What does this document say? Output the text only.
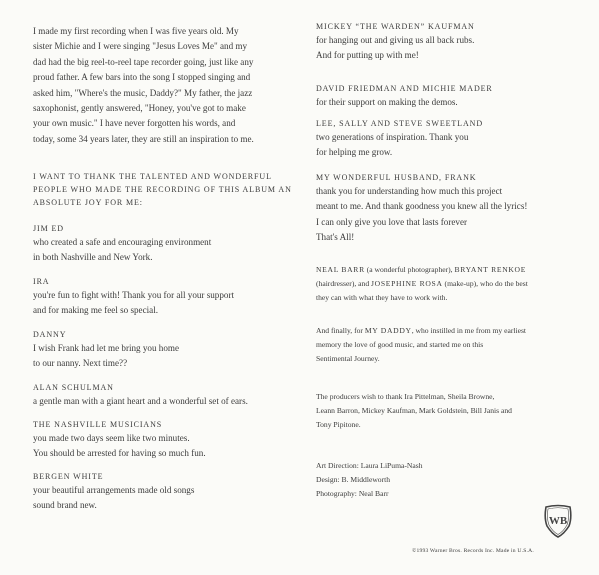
I made my first recording when I was five years old. My

sister Michie and I were singing "Jesus Loves Me" and my

dad had the big reel-to-reel tape recorder going, just like any

proud father. A few bars into the song I stopped singing and

asked him, "Where's the music, Daddy?" My father, the jazz

saxophonist, gently answered, "Honey, you've got to make

your own music." I have never forgotten his words, and

today, some 34 years later, they are still an inspiration to me.

I WANT TO THANK THE TALENTED AND WONDERFUL

PEOPLE WHO MADE THE RECORDING OF THIS ALBUM AN

ABSOLUTE JOY FOR ME:

JIM ED

who created a safe and encouraging environment

in both Nashville and New York.

IRA

you're fun to fight with! Thank you for all your support

and for making me feel so special.

DANNY

I wish Frank had let me bring you home

to our nanny. Next time??

ALAN SCHULMAN

a gentle man with a giant heart and a wonderful set of ears.

THE NASHVILLE MUSICIANS

you made two days seem like two minutes.

You should be arrested for having so much fun.

BERGEN WHITE

your beautiful arrangements made old songs

sound brand new.

MICKEY “THE WARDEN” KAUFMAN

for hanging out and giving us all back rubs.

And for putting up with me!

DAVID FRIEDMAN AND MICHIE MADER

for their support on making the demos.

LEE, SALLY AND STEVE SWEETLAND

two generations of inspiration. Thank you

for helping me grow.

MY WONDERFUL HUSBAND, FRANK

thank you for understanding how much this project

meant to me. And thank goodness you knew all the lyrics!

I can only give you love that lasts forever

That's All!

NEAL BARR (a wonderful photographer), BRYANT RENKOE

(hairdresser), and JOSEPHINE ROSA (make-up), who do the best

they can with what they have to work with.

And finally, for MY DADDY, who instilled in me from my earliest

memory the love of good music, and started me on this

Sentimental Journey.

The producers wish to thank Ira Pittelman, Sheila Browne,

Leann Barron, Mickey Kaufman, Mark Goldstein, Bill Janis and

Tony Pipitone.

Art Direction: Laura LiPuma-Nash

Design: B. Middleworth

Photography: Neal Barr

WB
©1993 Warner Bros. Records Inc. Made in U.S.A.
